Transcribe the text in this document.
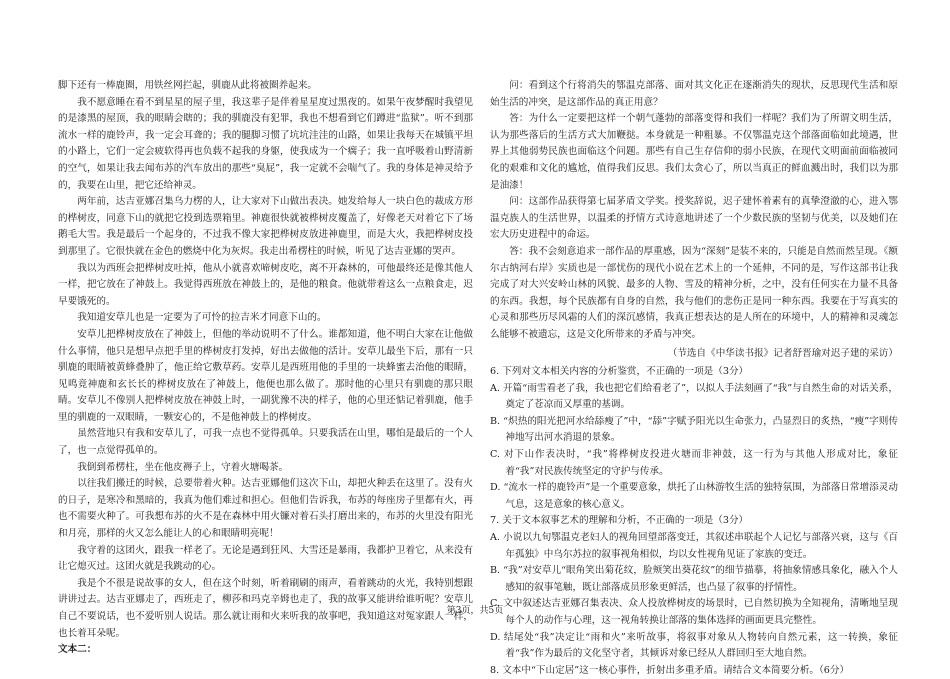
脚下还有一棒鹿圈，用铁丝网拦起，驯鹿从此将被圈养起来。

我不愿意睡在看不到星星的屋子里，我这辈子是伴着星星度过黑夜的。如果午夜梦醒时我望见的是漆黑的屋顶，我的眼睛会瞎的；我的驯鹿没有犯罪，我也不想看到它们蹲进“监狱”。听不到那流水一样的鹿铃声，我一定会耳聋的；我的腿脚习惯了坑坑洼洼的山路，如果让我每天在城镇平坦的小路上，它们一定会疲软得再也负载不起我的身躯，使我成为一个瘸子；我一直呼吸着山野清新的空气，如果让我去闻布苏的汽车放出的那些“臭屁”，我一定就不会喘气了。我的身体是神灵给予的，我要在山里，把它还给神灵。

两年前，达吉亚娜召集乌力楞的人，让大家对下山做出表决。她发给每人一块白色的裁成方形的桦树皮，同意下山的就把它投到选票箱里。神鹿很快就被桦树皮覆盖了，好像老天对着它下了场鹅毛大雪。我是最后一个起身的，不过我不像大家把桦树皮放进神鹿里，而是大火，我把桦树皮投到那里了。它很快就在金色的燃烧中化为灰烬。我走出希楞柱的时候，听见了达吉亚娜的哭声。

我以为西班会把桦树皮吐掉，他从小就喜欢啼树皮吃，离不开森林的，可他最终还是像其他人一样，把它放在了神鼓上。我觉得西班放在神鼓上的，是他的粮食。他就带着这么一点粮食走，迟早要饿死的。

我知道安草儿也是一定要为了可怜的拉吉米才同意下山的。

安草儿把桦树皮放在了神鼓上，但他的举动说明不了什么。谁都知道，他不明白大家在让他做什么事情，他只是想早点把手里的桦树皮打发掉，好出去做他的活计。安草儿最坐下后，那有一只驯鹿的眼睛被黄蜂叠肿了，他正给它敷草药。安草儿是西班用他的手里的一块蜂蜜去治他的眼睛，见鸣竟神鹿和玄长长的桦树皮放在了神鼓上，他便也那么做了。那时他的心里只有驯鹿的那只眼睛。安草儿不像别人把桦树皮放在神鼓上时，一副犹豫不决的样子，他的心里还惦记着驯鹿，他手里的驯鹿的一双眼睛，一颗安心的，不是他神鼓上的桦树皮。

虽然营地只有我和安草儿了，可我一点也不觉得孤单。只要我活在山里，哪怕是最后的一个人了，也一点觉得孤单的。

我倒到希楞柱，坐在他皮褥子上，守着火塘喝茶。

以往我们搬迁的时候，总要带着火种。达吉亚娜他们这次下山，却把火种丢在这里了。没有火的日子，是寒冷和黑暗的，我真为他们难过和担心。但他们告诉我，布苏的每座房子里都有火，再也不需要火种了。可我想布苏的火不是在森林中用火镰对着石头打磨出来的，布苏的火里没有阳光和月亮，那样的火又怎么能让人的心和眼睛明亮呢！

我守着的这团火，跟我一样老了。无论是遇到狂风、大雪还是暴雨，我都护卫着它，从来没有让它熄灭过。这团火就是我跳动的心。

我是个不很是说故事的女人，但在这个时刻，听着刷刷的雨声，看着跳动的火光，我特别想跟讲讲过去。达吉亚娜走了，西班走了，柳莎和玛克辛姆也走了，我的故事又能讲给谁听呢？安草儿自己不要说话，也不爱听别人说话。那么就让雨和火来听我的故事吧，我知道这对冤家跟人一样，也长着耳朵呢。

文本二：

问：看到这个行将消失的鄂温克部落、面对其文化正在逐渐消失的现状，反思现代生活和原始生活的冲突，是这部作品的真正用意？

答：为什么一定要把这样一个朝气蓬勃的部落变得和我们一样呢？我们为了所谓文明生活，认为那些落后的生活方式大加鞭挞。本身就是一种粗暴。不仅鄂温克这个部落面临如此境遇，世界上其他弱势民族也面临这个问题。那些有自己生存信仰的弱小民族，在现代文明面前面临被同化的艰难和文化的尴尬，值得我们反思。我们太贪心了，所以当真正的鲜血溅出时，我们以为那是油漆！

问：这部作品获得第七届茅盾文学奖。授奖辞说，迟子建怀着素有的真挚澄澈的心，进入鄂温克族人的生活世界，以温柔的抒情方式诗意地讲述了一个少数民族的坚韧与优美，以及她们在宏大历史进程中的命运。

答：我不会刻意追求一部作品的厚重感，因为“深刻”是装不来的，只能是自然而然呈现。《额尔古纳河右岸》实质也是一部忧伤的现代小说在艺术上的一个延伸，不同的是，写作这部书让我完成了对大兴安岭山林的风貌、最多的人物、雪及的精神分析，之中，没有任何实在力量不具备的东西。我想，每个民族都有自身的自然，我与他们的悲伤正是同一种东西。我要在于写真实的心灵和那些历尽风霜的人们的深沉感情，我真正想表达的是人所在的环境中，人的精神和灵魂怎么能够不被遗忘，这是文化所带来的矛盾与冲突。

（节选自《中华读书报》记者舒晋瑜对迟子建的采访）

6. 下列对文本相关内容的分析鉴赏，不正确的一项是（3分）

A. 开篇“雨雪看老了我，我也把它们给看老了”，以拟人手法刻画了“我”与自然生命的对话关系，奠定了苍凉而又厚重的基调。

B. “炽热的阳光把河水给舔瘦了”中，“舔”字赋予阳光以生命张力，凸显烈日的炙热，“瘦”字则传神地写出河水消退的景象。

C. 对下山作表决时，“我”将桦树皮投进火塘而非神鼓，这一行为与其他人形成对比，象征着“我”对民族传统坚定的守护与传承。

D. “流水一样的鹿铃声”是一个重要意象，烘托了山林游牧生活的独特氛围，为部落日常增添灵动气息，这是意象的核心意义。

7. 关于文本叙事艺术的理解和分析，不正确的一项是（3分）

A. 小说以九旬鄂温克老妇人的视角回望部落变迁，其叙述串联起个人记忆与部落兴衰，这与《百年孤独》中乌尔苏拉的叙事视角相似，均以女性视角见证了家族的变迁。

B. “我”对安草儿“眼角笑出菊花纹，脸颊笑出葵花纹”的细节描摹，将抽象情感具象化，融入个人感知的叙事笔触，既让部落成员形象更鲜活，也凸显了叙事的抒情性。

C. 文中叙述达吉亚娜召集表决、众人投放桦树皮的场景时，已自然切换为全知视角，清晰地呈现每个人的动作与心理，这一视角转换让部落的集体选择的画面更具完整性。

D. 结尾处“我”决定让“雨和火”来听故事，将叙事对象从人物转向自然元素，这一转换，象征着“我”作为最后的文化坚守者，其倾诉对象已经从人群回归至大地自然。

8. 文本中“下山定居”这一核心事件，折射出多重矛盾。请结合文本简要分析。（6分）

第3页，共5页
